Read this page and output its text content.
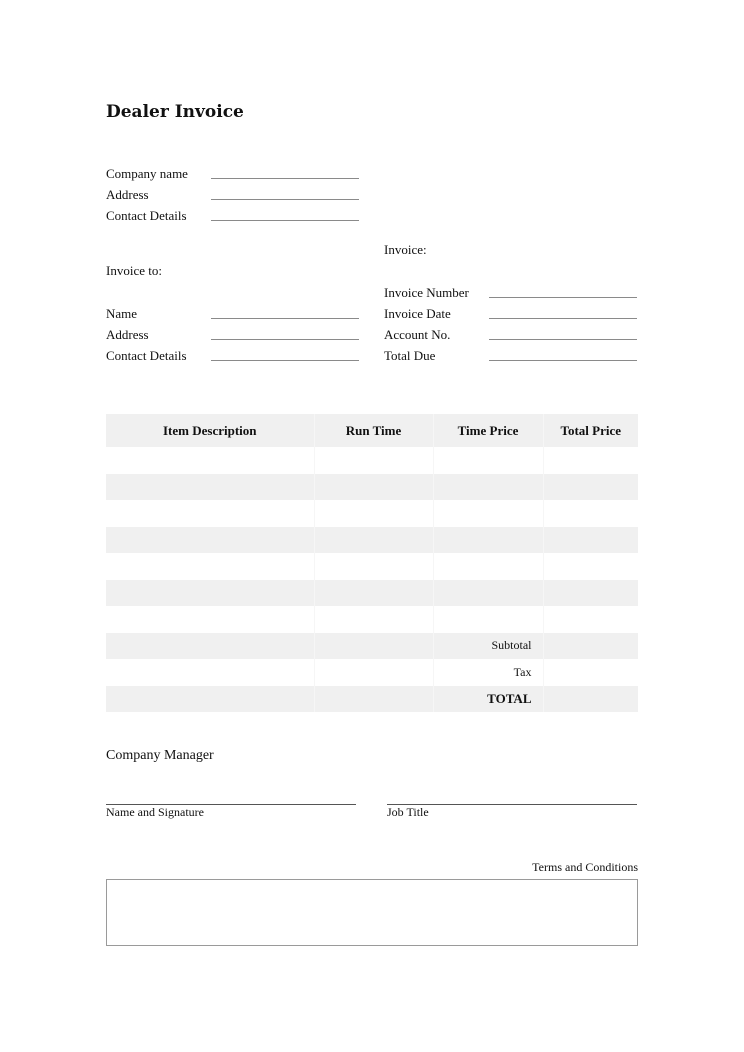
Dealer Invoice
Company name
Address
Contact Details
Invoice to:
Name
Address
Contact Details
Invoice:
Invoice Number
Invoice Date
Account No.
Total Due
Item Description	Run Time	Time Price	Total Price

		Subtotal	
		Tax	
		TOTAL	
Company Manager
Name and Signature	Job Title
Terms and Conditions
